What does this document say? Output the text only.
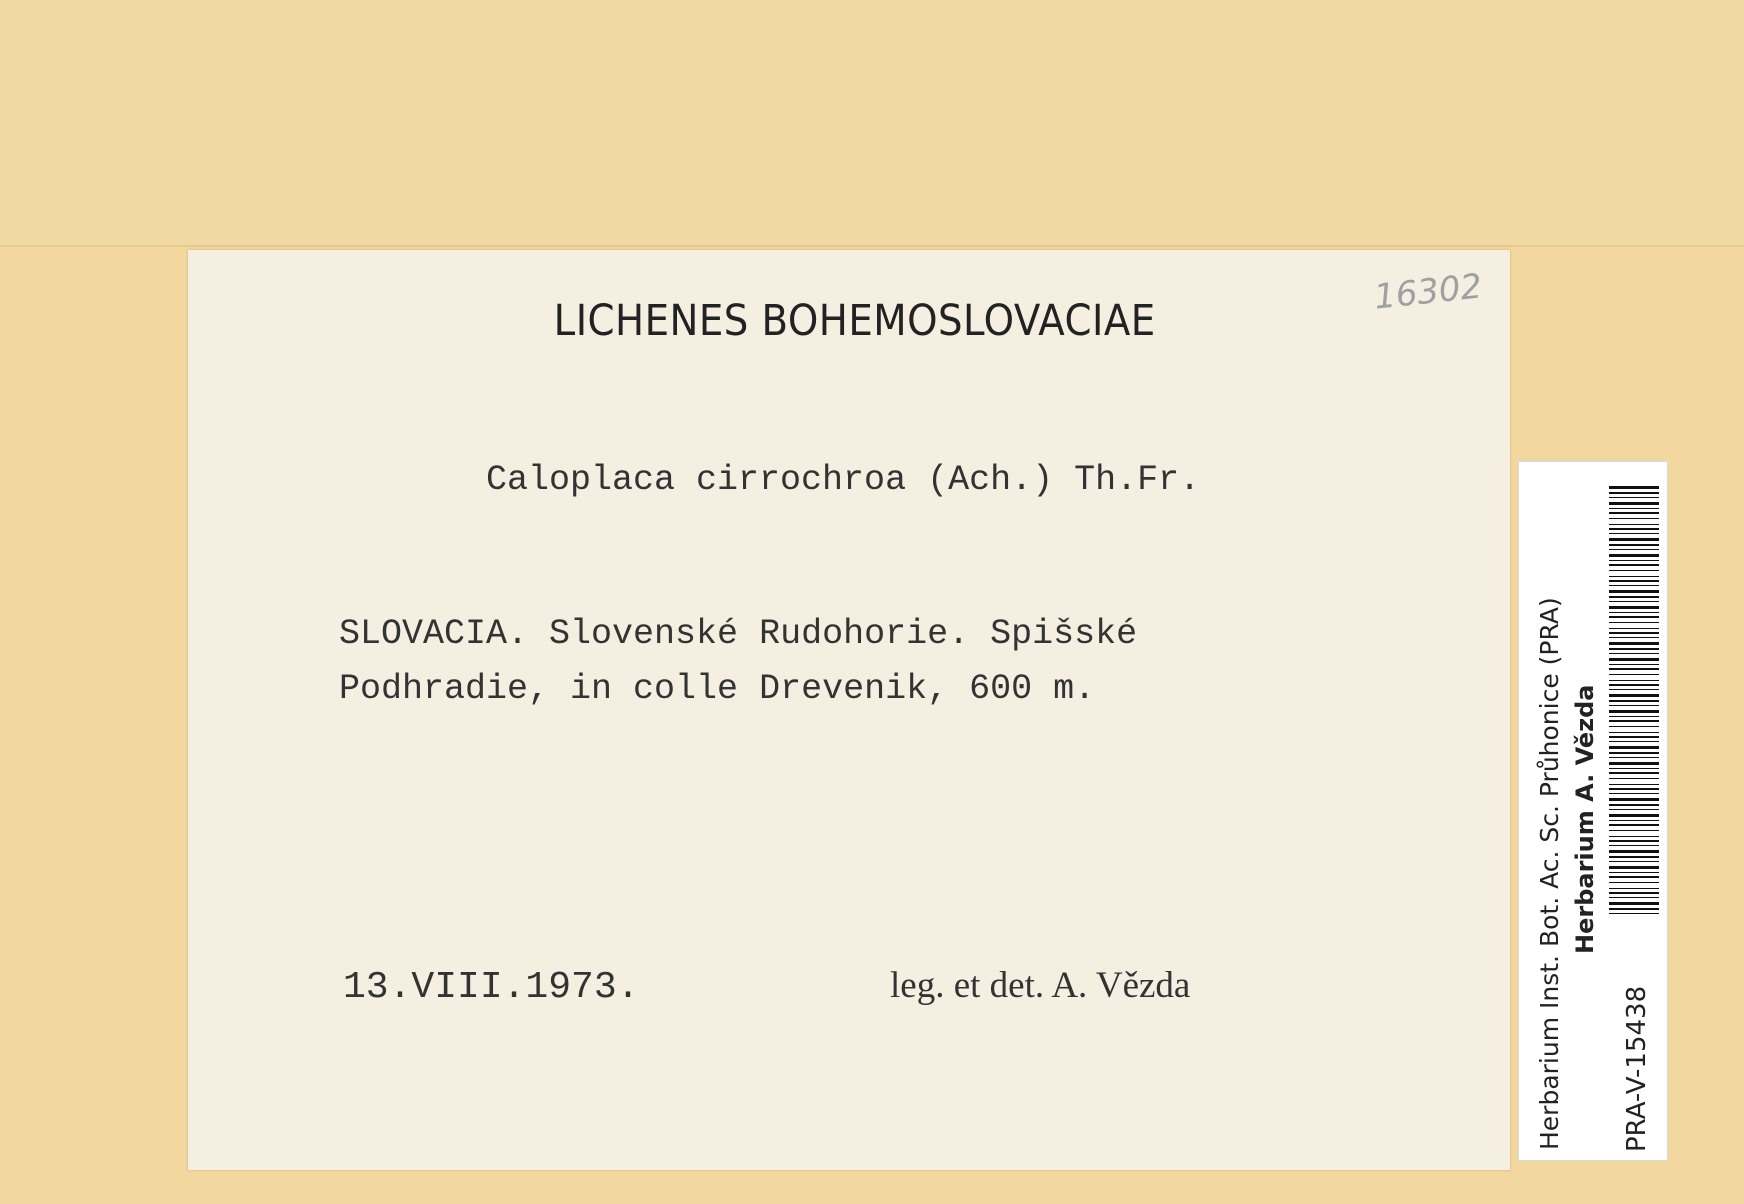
LICHENES BOHEMOSLOVACIAE
16302
Caloplaca cirrochroa (Ach.) Th.Fr.
SLOVACIA. Slovenské Rudohorie. Spišské
Podhradie, in colle Drevenik, 600 m.
13.VIII.1973.	leg. et det. A. Vězda	Herbarium Inst. Bot. Ac. Sc. Průhonice (PRA) Herbarium A. Vězda
PRA-V-15438
